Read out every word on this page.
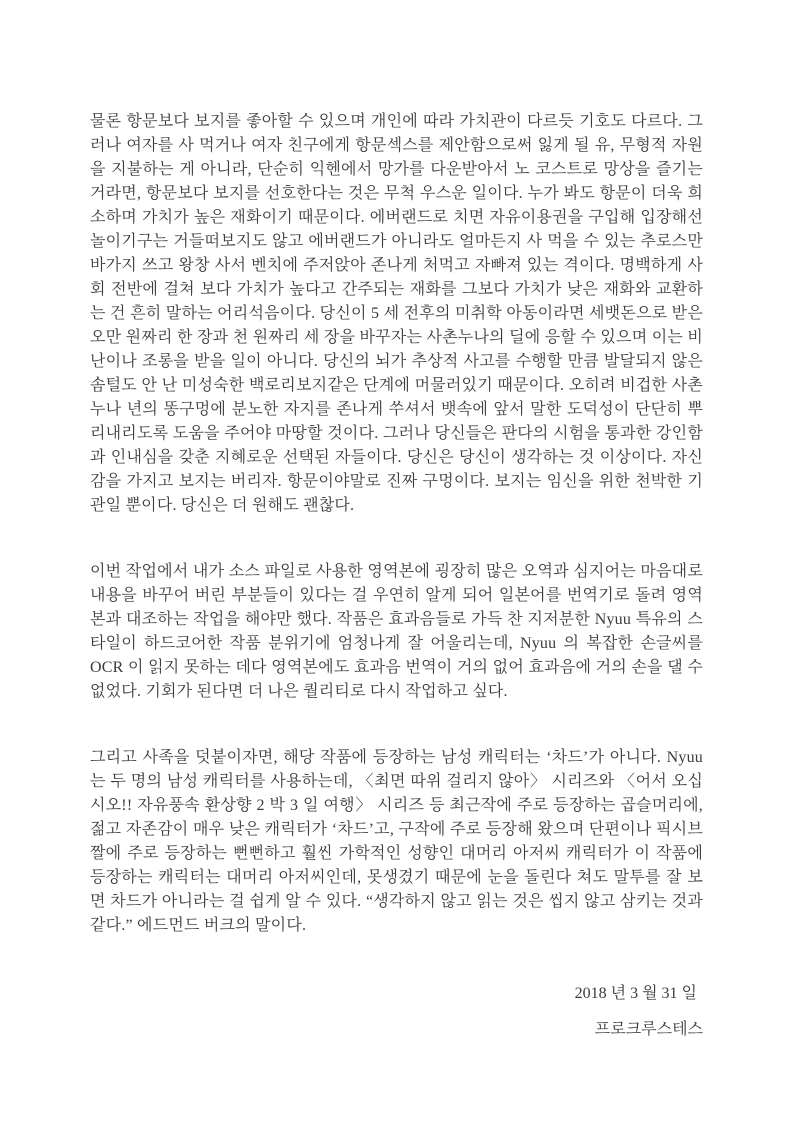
물론 항문보다 보지를 좋아할 수 있으며 개인에 따라 가치관이 다르듯 기호도 다르다. 그러나 여자를 사 먹거나 여자 친구에게 항문섹스를 제안함으로써 잃게 될 유, 무형적 자원을 지불하는 게 아니라, 단순히 익헨에서 망가를 다운받아서 노 코스트로 망상을 즐기는 거라면, 항문보다 보지를 선호한다는 것은 무척 우스운 일이다. 누가 봐도 항문이 더욱 희소하며 가치가 높은 재화이기 때문이다. 에버랜드로 치면 자유이용권을 구입해 입장해선 놀이기구는 거들떠보지도 않고 에버랜드가 아니라도 얼마든지 사 먹을 수 있는 추로스만 바가지 쓰고 왕창 사서 벤치에 주저앉아 존나게 처먹고 자빠져 있는 격이다. 명백하게 사회 전반에 걸쳐 보다 가치가 높다고 간주되는 재화를 그보다 가치가 낮은 재화와 교환하는 건 흔히 말하는 어리석음이다. 당신이 5 세 전후의 미취학 아동이라면 세뱃돈으로 받은 오만 원짜리 한 장과 천 원짜리 세 장을 바꾸자는 사촌누나의 딜에 응할 수 있으며 이는 비난이나 조롱을 받을 일이 아니다. 당신의 뇌가 추상적 사고를 수행할 만큼 발달되지 않은 솜털도 안 난 미성숙한 백로리보지같은 단계에 머물러있기 때문이다. 오히려 비겁한 사촌누나 년의 똥구멍에 분노한 자지를 존나게 쑤셔서 뱃속에 앞서 말한 도덕성이 단단히 뿌리내리도록 도움을 주어야 마땅할 것이다. 그러나 당신들은 판다의 시험을 통과한 강인함과 인내심을 갖춘 지혜로운 선택된 자들이다. 당신은 당신이 생각하는 것 이상이다. 자신감을 가지고 보지는 버리자. 항문이야말로 진짜 구멍이다. 보지는 임신을 위한 천박한 기관일 뿐이다. 당신은 더 원해도 괜찮다.

이번 작업에서 내가 소스 파일로 사용한 영역본에 굉장히 많은 오역과 심지어는 마음대로 내용을 바꾸어 버린 부분들이 있다는 걸 우연히 알게 되어 일본어를 번역기로 돌려 영역본과 대조하는 작업을 해야만 했다. 작품은 효과음들로 가득 찬 지저분한 Nyuu 특유의 스타일이 하드코어한 작품 분위기에 엄청나게 잘 어울리는데, Nyuu 의 복잡한 손글씨를 OCR 이 읽지 못하는 데다 영역본에도 효과음 번역이 거의 없어 효과음에 거의 손을 댈 수 없었다. 기회가 된다면 더 나은 퀄리티로 다시 작업하고 싶다.

그리고 사족을 덧붙이자면, 해당 작품에 등장하는 남성 캐릭터는 ‘차드’가 아니다. Nyuu 는 두 명의 남성 캐릭터를 사용하는데, 〈최면 따위 걸리지 않아〉 시리즈와 〈어서 오십시오!! 자유풍속 환상향 2 박 3 일 여행〉 시리즈 등 최근작에 주로 등장하는 곱슬머리에, 젊고 자존감이 매우 낮은 캐릭터가 ‘차드’고, 구작에 주로 등장해 왔으며 단편이나 픽시브 짤에 주로 등장하는 뻔뻔하고 훨씬 가학적인 성향인 대머리 아저씨 캐릭터가 이 작품에 등장하는 캐릭터는 대머리 아저씨인데, 못생겼기 때문에 눈을 돌린다 쳐도 말투를 잘 보면 차드가 아니라는 걸 쉽게 알 수 있다. “생각하지 않고 읽는 것은 씹지 않고 삼키는 것과 같다.” 에드먼드 버크의 말이다.

2018 년 3 월 31 일

프로크루스테스
